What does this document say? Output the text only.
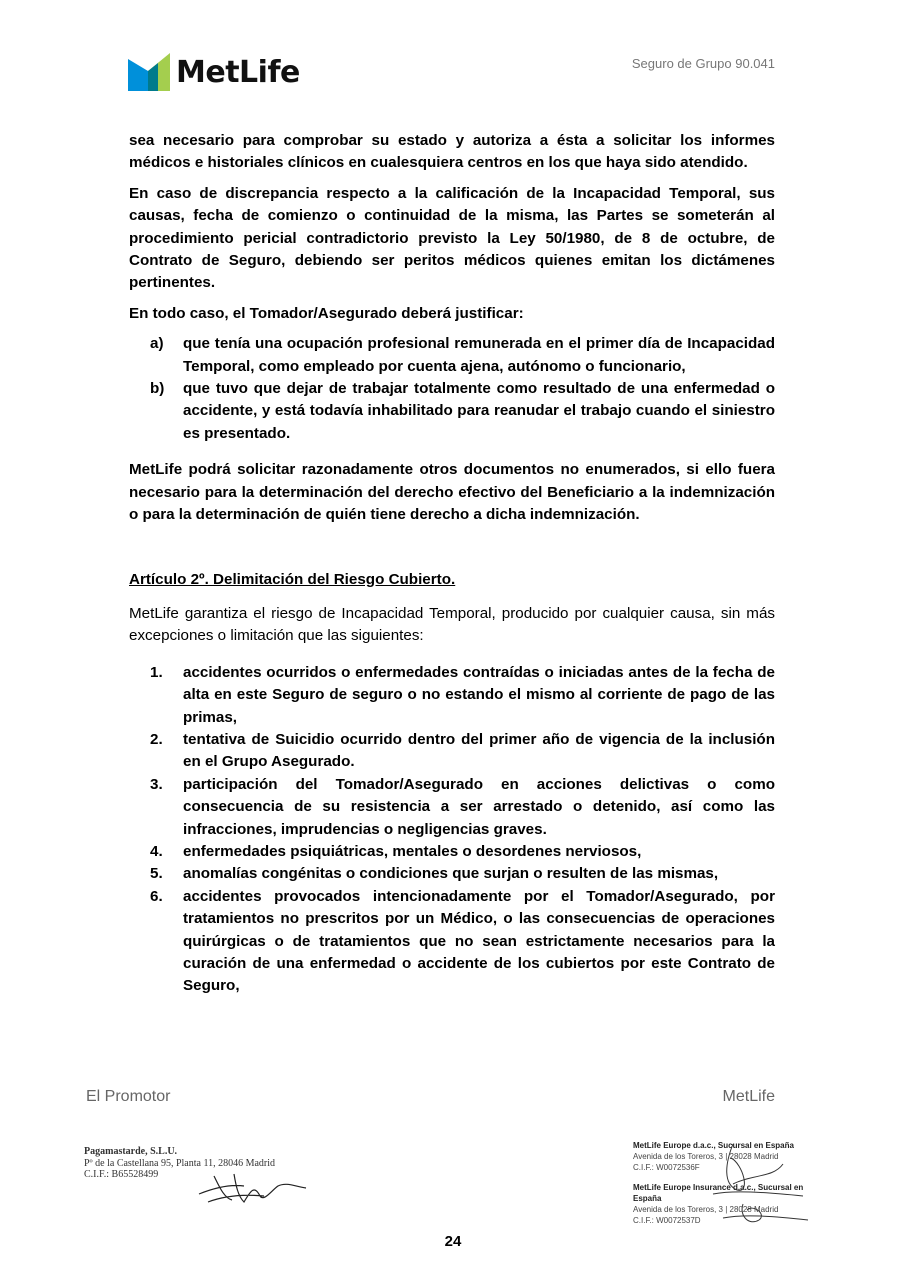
MetLife	Seguro de Grupo 90.041

sea necesario para comprobar su estado y autoriza a ésta a solicitar los informes médicos e historiales clínicos en cualesquiera centros en los que haya sido atendido.

En caso de discrepancia respecto a la calificación de la Incapacidad Temporal, sus causas, fecha de comienzo o continuidad de la misma, las Partes se someterán al procedimiento pericial contradictorio previsto la Ley 50/1980, de 8 de octubre, de Contrato de Seguro, debiendo ser peritos médicos quienes emitan los dictámenes pertinentes.

En todo caso, el Tomador/Asegurado deberá justificar:

a)	que tenía una ocupación profesional remunerada en el primer día de Incapacidad Temporal, como empleado por cuenta ajena, autónomo o funcionario,
b)	que tuvo que dejar de trabajar totalmente como resultado de una enfermedad o accidente, y está todavía inhabilitado para reanudar el trabajo cuando el siniestro es presentado.

MetLife podrá solicitar razonadamente otros documentos no enumerados, si ello fuera necesario para la determinación del derecho efectivo del Beneficiario a la indemnización o para la determinación de quién tiene derecho a dicha indemnización.

Artículo 2º. Delimitación del Riesgo Cubierto.

MetLife garantiza el riesgo de Incapacidad Temporal, producido por cualquier causa, sin más excepciones o limitación que las siguientes:

1.	accidentes ocurridos o enfermedades contraídas o iniciadas antes de la fecha de alta en este Seguro de seguro o no estando el mismo al corriente de pago de las primas,
2.	tentativa de Suicidio ocurrido dentro del primer año de vigencia de la inclusión en el Grupo Asegurado.
3.	participación del Tomador/Asegurado en acciones delictivas o como consecuencia de su resistencia a ser arrestado o detenido, así como las infracciones, imprudencias o negligencias graves.
4.	enfermedades psiquiátricas, mentales o desordenes nerviosos,
5.	anomalías congénitas o condiciones que surjan o resulten de las mismas,
6.	accidentes provocados intencionadamente por el Tomador/Asegurado, por tratamientos no prescritos por un Médico, o las consecuencias de operaciones quirúrgicas o de tratamientos que no sean estrictamente necesarios para la curación de una enfermedad o accidente de los cubiertos por este Contrato de Seguro,
El Promotor	MetLife
Pagamastarde, S.L.U.
Pº de la Castellana 95, Planta 11, 28046 Madrid
C.I.F.: B65528499
MetLife Europe d.a.c., Sucursal en España
Avenida de los Toreros, 3 | 28028 Madrid
C.I.F.: W0072536F
MetLife Europe Insurance d.a.c., Sucursal en España
Avenida de los Toreros, 3 | 28028 Madrid
C.I.F.: W0072537D
24
